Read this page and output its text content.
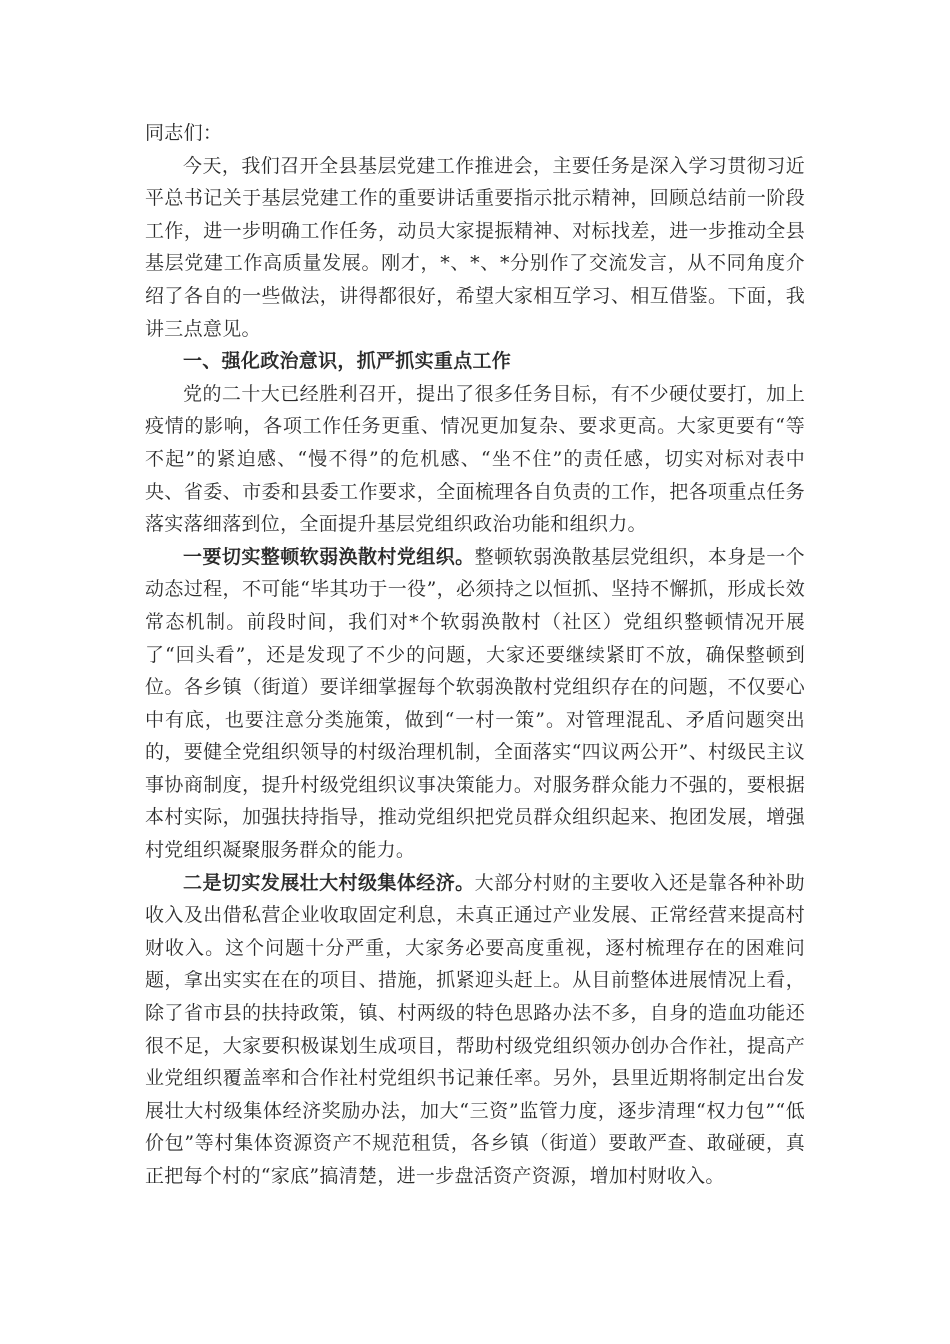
同志们：

今天，我们召开全县基层党建工作推进会，主要任务是深入学习贯彻习近平总书记关于基层党建工作的重要讲话重要指示批示精神，回顾总结前一阶段工作，进一步明确工作任务，动员大家提振精神、对标找差，进一步推动全县基层党建工作高质量发展。刚才，*、*、*分别作了交流发言，从不同角度介绍了各自的一些做法，讲得都很好，希望大家相互学习、相互借鉴。下面，我讲三点意见。

一、强化政治意识，抓严抓实重点工作

党的二十大已经胜利召开，提出了很多任务目标，有不少硬仗要打，加上疫情的影响，各项工作任务更重、情况更加复杂、要求更高。大家更要有“等不起”的紧迫感、“慢不得”的危机感、“坐不住”的责任感，切实对标对表中央、省委、市委和县委工作要求，全面梳理各自负责的工作，把各项重点任务落实落细落到位，全面提升基层党组织政治功能和组织力。

一要切实整顿软弱涣散村党组织。整顿软弱涣散基层党组织，本身是一个动态过程，不可能“毕其功于一役”，必须持之以恒抓、坚持不懈抓，形成长效常态机制。前段时间，我们对*个软弱涣散村（社区）党组织整顿情况开展了“回头看”，还是发现了不少的问题，大家还要继续紧盯不放，确保整顿到位。各乡镇（街道）要详细掌握每个软弱涣散村党组织存在的问题，不仅要心中有底，也要注意分类施策，做到“一村一策”。对管理混乱、矛盾问题突出的，要健全党组织领导的村级治理机制，全面落实“四议两公开”、村级民主议事协商制度，提升村级党组织议事决策能力。对服务群众能力不强的，要根据本村实际，加强扶持指导，推动党组织把党员群众组织起来、抱团发展，增强村党组织凝聚服务群众的能力。

二是切实发展壮大村级集体经济。大部分村财的主要收入还是靠各种补助收入及出借私营企业收取固定利息，未真正通过产业发展、正常经营来提高村财收入。这个问题十分严重，大家务必要高度重视，逐村梳理存在的困难问题，拿出实实在在的项目、措施，抓紧迎头赶上。从目前整体进展情况上看，除了省市县的扶持政策，镇、村两级的特色思路办法不多，自身的造血功能还很不足，大家要积极谋划生成项目，帮助村级党组织领办创办合作社，提高产业党组织覆盖率和合作社村党组织书记兼任率。另外，县里近期将制定出台发展壮大村级集体经济奖励办法，加大“三资”监管力度，逐步清理“权力包”“低价包”等村集体资源资产不规范租赁，各乡镇（街道）要敢严查、敢碰硬，真正把每个村的“家底”搞清楚，进一步盘活资产资源，增加村财收入。
